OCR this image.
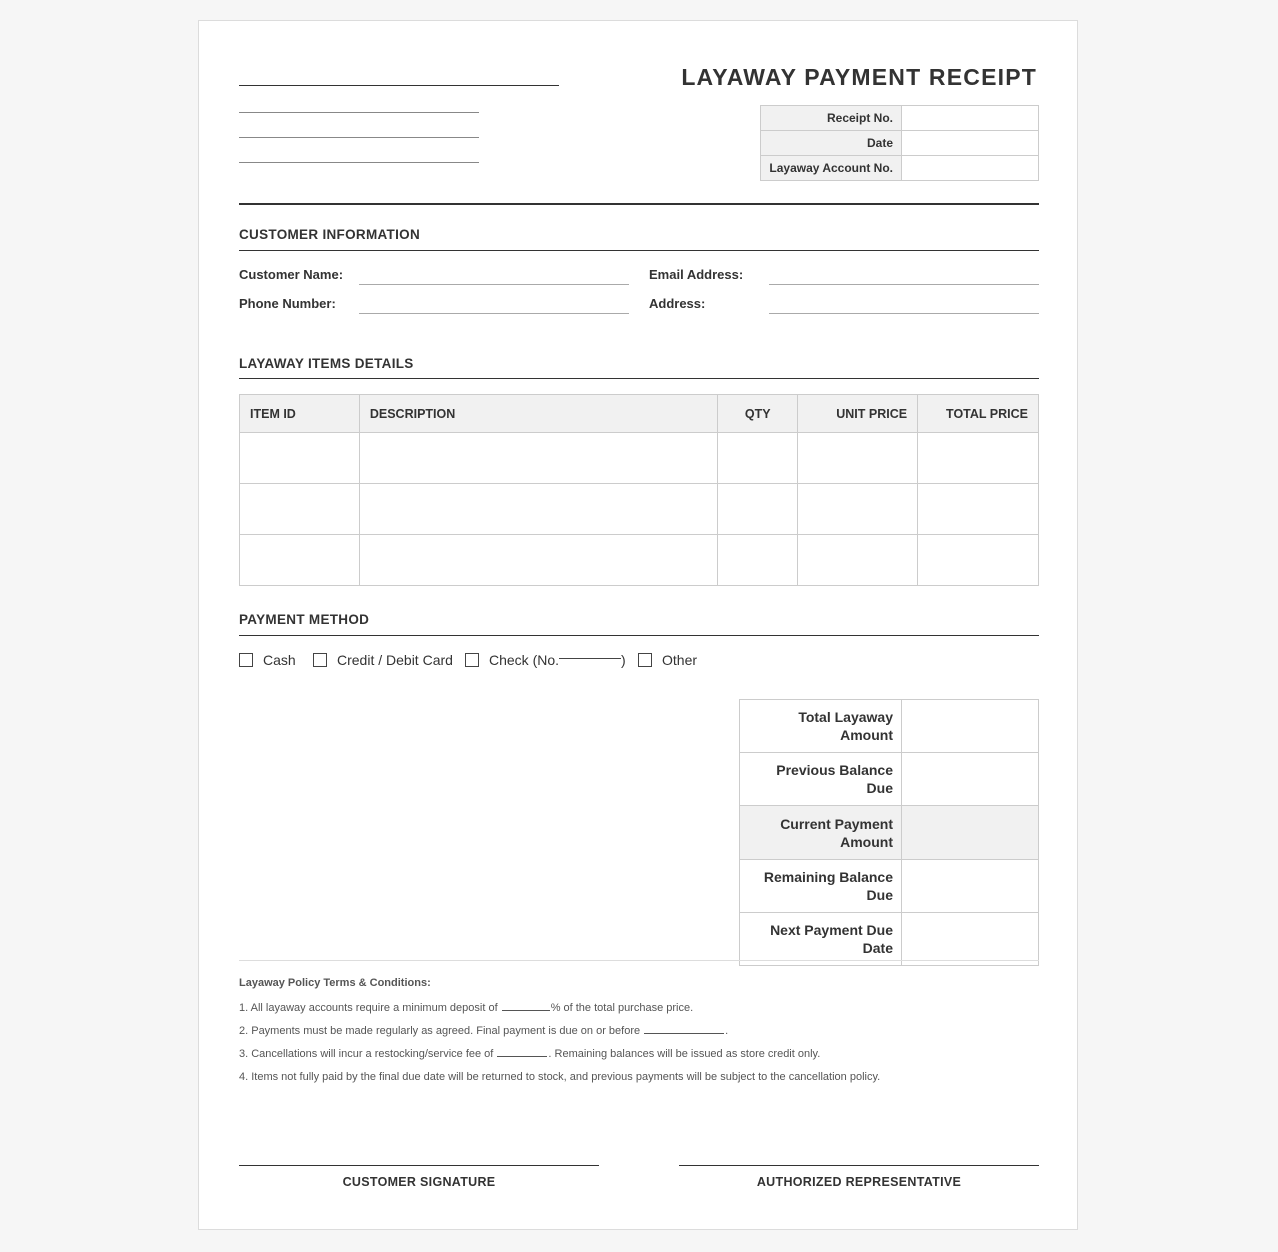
LAYAWAY PAYMENT RECEIPT
Receipt No.	
Date	
Layaway Account No.	
CUSTOMER INFORMATION
Customer Name:	Email Address:
Phone Number:	Address:
LAYAWAY ITEMS DETAILS
ITEM ID	DESCRIPTION	QTY	UNIT PRICE	TOTAL PRICE

PAYMENT METHOD
Cash	Credit / Debit Card	Check (No.	)	Other
Total Layaway Amount	
Previous Balance Due	
Current Payment Amount	
Remaining Balance Due	
Next Payment Due Date	
Layaway Policy Terms & Conditions:
1. All layaway accounts require a minimum deposit of	% of the total purchase price.
2. Payments must be made regularly as agreed. Final payment is due on or before	.
3. Cancellations will incur a restocking/service fee of	. Remaining balances will be issued as store credit only.
4. Items not fully paid by the final due date will be returned to stock, and previous payments will be subject to the cancellation policy.
CUSTOMER SIGNATURE	AUTHORIZED REPRESENTATIVE
